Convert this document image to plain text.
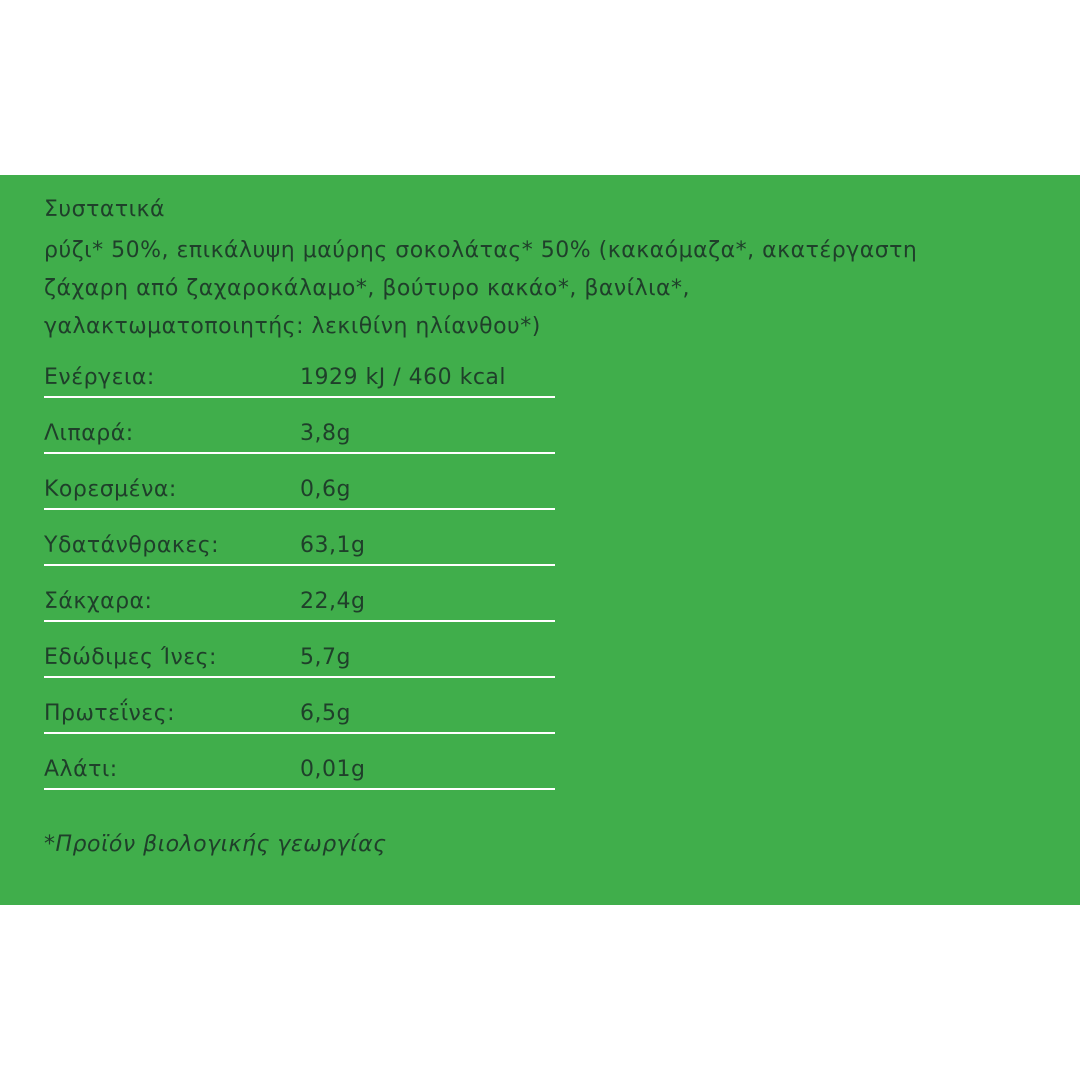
Συστατικά
ρύζι* 50%, επικάλυψη μαύρης σοκολάτας* 50% (κακαόμαζα*, ακατέργαστη
ζάχαρη από ζαχαροκάλαμο*, βούτυρο κακάο*, βανίλια*,
γαλακτωματοποιητής: λεκιθίνη ηλίανθου*)
Ενέργεια:	1929 kJ / 460 kcal
Λιπαρά:	3,8g
Κορεσμένα:	0,6g
Υδατάνθρακες:	63,1g
Σάκχαρα:	22,4g
Εδώδιμες Ίνες:	5,7g
Πρωτεΐνες:	6,5g
Αλάτι:	0,01g
*Προϊόν βιολογικής γεωργίας
